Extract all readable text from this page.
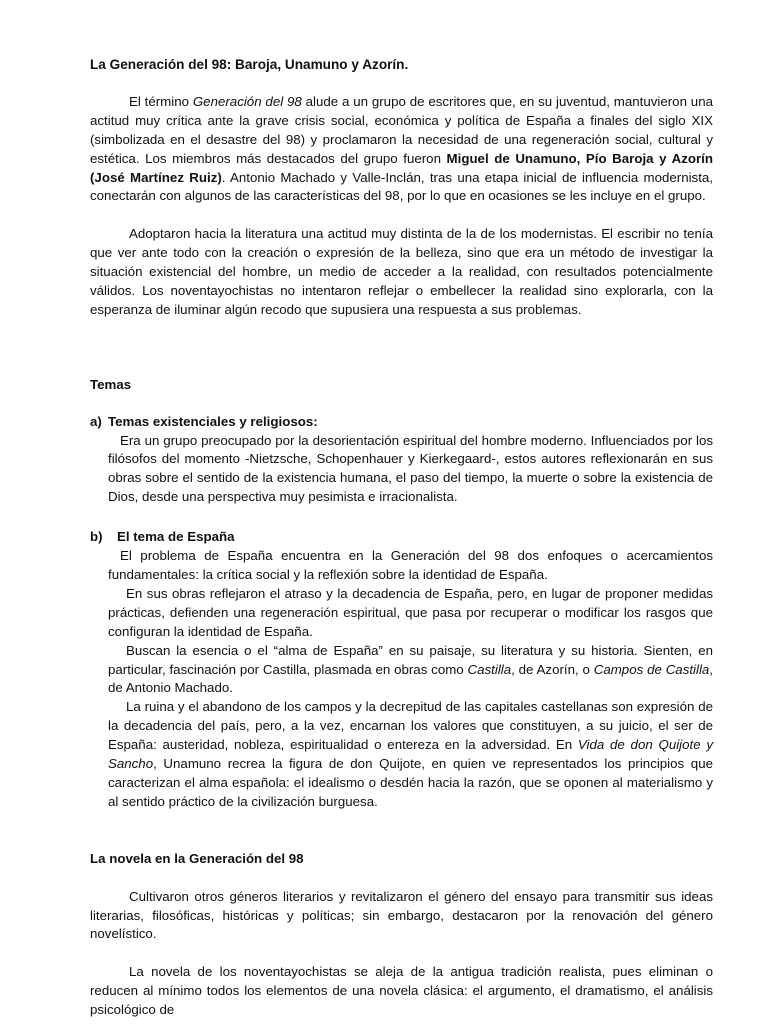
La Generación del 98: Baroja, Unamuno y Azorín.

El término Generación del 98 alude a un grupo de escritores que, en su juventud, mantuvieron una actitud muy crítica ante la grave crisis social, económica y política de España a finales del siglo XIX (simbolizada en el desastre del 98) y proclamaron la necesidad de una regeneración social, cultural y estética. Los miembros más destacados del grupo fueron Miguel de Unamuno, Pío Baroja y Azorín (José Martínez Ruiz). Antonio Machado y Valle-Inclán, tras una etapa inicial de influencia modernista, conectarán con algunos de las características del 98, por lo que en ocasiones se les incluye en el grupo.

Adoptaron hacia la literatura una actitud muy distinta de la de los modernistas. El escribir no tenía que ver ante todo con la creación o expresión de la belleza, sino que era un método de investigar la situación existencial del hombre, un medio de acceder a la realidad, con resultados potencialmente válidos. Los noventayochistas no intentaron reflejar o embellecer la realidad sino explorarla, con la esperanza de iluminar algún recodo que supusiera una respuesta a sus problemas.

Temas
a) Temas existenciales y religiosos:

Era un grupo preocupado por la desorientación espiritual del hombre moderno. Influenciados por los filósofos del momento -Nietzsche, Schopenhauer y Kierkegaard-, estos autores reflexionarán en sus obras sobre el sentido de la existencia humana, el paso del tiempo, la muerte o sobre la existencia de Dios, desde una perspectiva muy pesimista e irracionalista.

b)	El tema de España

El problema de España encuentra en la Generación del 98 dos enfoques o acercamientos fundamentales: la crítica social y la reflexión sobre la identidad de España.

En sus obras reflejaron el atraso y la decadencia de España, pero, en lugar de proponer medidas prácticas, defienden una regeneración espiritual, que pasa por recuperar o modificar los rasgos que configuran la identidad de España.

Buscan la esencia o el “alma de España” en su paisaje, su literatura y su historia. Sienten, en particular, fascinación por Castilla, plasmada en obras como Castilla, de Azorín, o Campos de Castilla, de Antonio Machado.

La ruina y el abandono de los campos y la decrepitud de las capitales castellanas son expresión de la decadencia del país, pero, a la vez, encarnan los valores que constituyen, a su juicio, el ser de España: austeridad, nobleza, espiritualidad o entereza en la adversidad. En Vida de don Quijote y Sancho, Unamuno recrea la figura de don Quijote, en quien ve representados los principios que caracterizan el alma española: el idealismo o desdén hacia la razón, que se oponen al materialismo y al sentido práctico de la civilización burguesa.

La novela en la Generación del 98

Cultivaron otros géneros literarios y revitalizaron el género del ensayo para transmitir sus ideas literarias, filosóficas, históricas y políticas; sin embargo, destacaron por la renovación del género novelístico.

La novela de los noventayochistas se aleja de la antigua tradición realista, pues eliminan o reducen al mínimo todos los elementos de una novela clásica: el argumento, el dramatismo, el análisis psicológico de
